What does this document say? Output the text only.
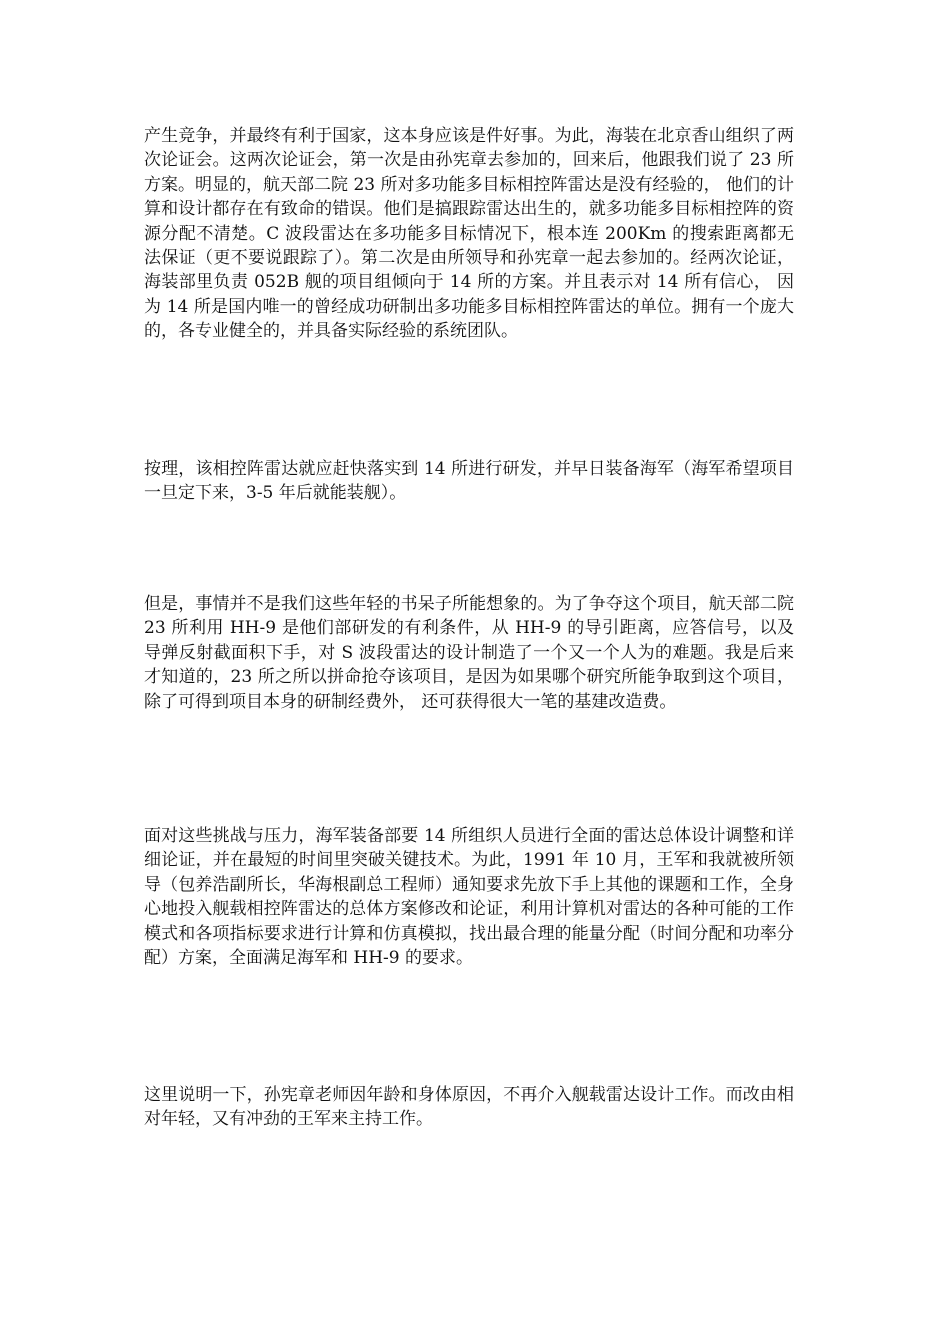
产生竞争，并最终有利于国家，这本身应该是件好事。为此，海装在北京香山组织了两次论证会。这两次论证会，第一次是由孙宪章去参加的，回来后，他跟我们说了 23 所方案。明显的，航天部二院 23 所对多功能多目标相控阵雷达是没有经验的， 他们的计算和设计都存在有致命的错误。他们是搞跟踪雷达出生的，就多功能多目标相控阵的资源分配不清楚。C 波段雷达在多功能多目标情况下，根本连 200Km 的搜索距离都无法保证（更不要说跟踪了）。第二次是由所领导和孙宪章一起去参加的。经两次论证，海装部里负责 052B 舰的项目组倾向于 14 所的方案。并且表示对 14 所有信心， 因为 14 所是国内唯一的曾经成功研制出多功能多目标相控阵雷达的单位。拥有一个庞大的，各专业健全的，并具备实际经验的系统团队。

按理，该相控阵雷达就应赶快落实到 14 所进行研发，并早日装备海军（海军希望项目一旦定下来，3-5 年后就能装舰）。

但是，事情并不是我们这些年轻的书呆子所能想象的。为了争夺这个项目，航天部二院 23 所利用 HH-9 是他们部研发的有利条件，从 HH-9 的导引距离，应答信号，以及导弹反射截面积下手，对 S 波段雷达的设计制造了一个又一个人为的难题。我是后来才知道的，23 所之所以拼命抢夺该项目，是因为如果哪个研究所能争取到这个项目，除了可得到项目本身的研制经费外， 还可获得很大一笔的基建改造费。

面对这些挑战与压力，海军装备部要 14 所组织人员进行全面的雷达总体设计调整和详细论证，并在最短的时间里突破关键技术。为此，1991 年 10 月，王军和我就被所领导（包养浩副所长，华海根副总工程师）通知要求先放下手上其他的课题和工作，全身心地投入舰载相控阵雷达的总体方案修改和论证，利用计算机对雷达的各种可能的工作模式和各项指标要求进行计算和仿真模拟，找出最合理的能量分配（时间分配和功率分配）方案，全面满足海军和 HH-9 的要求。

这里说明一下，孙宪章老师因年龄和身体原因，不再介入舰载雷达设计工作。而改由相对年轻，又有冲劲的王军来主持工作。
